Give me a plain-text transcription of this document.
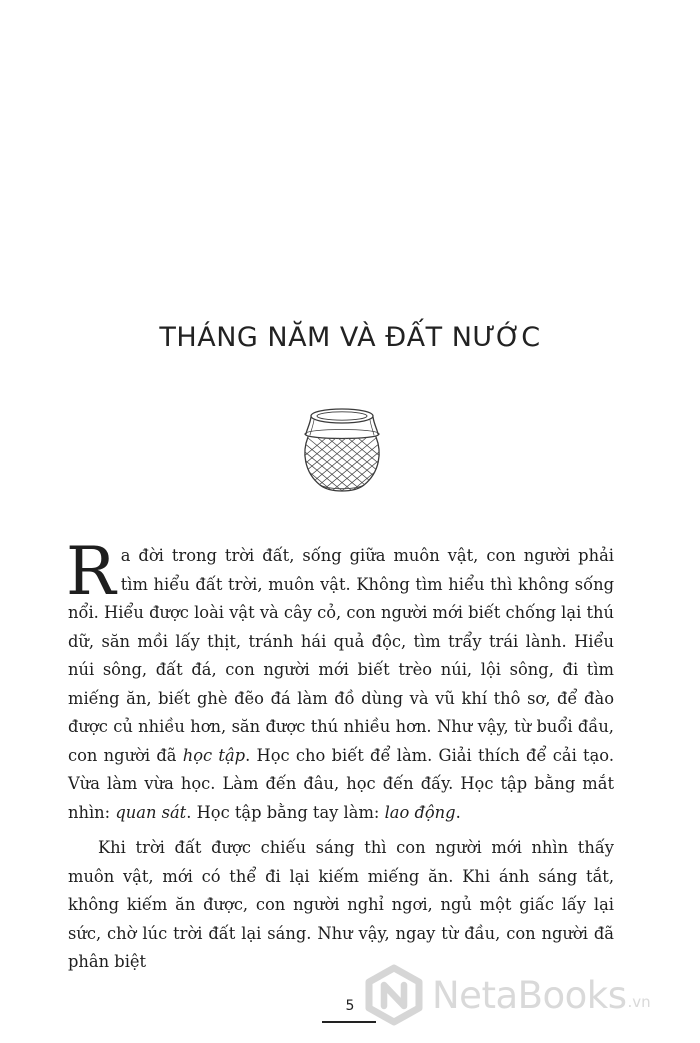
THÁNG NĂM VÀ ĐẤT NƯỚC

Ra đời trong trời đất, sống giữa muôn vật, con người phải tìm hiểu đất trời, muôn vật. Không tìm hiểu thì không sống nổi. Hiểu được loài vật và cây cỏ, con người mới biết chống lại thú dữ, săn mồi lấy thịt, tránh hái quả độc, tìm trẩy trái lành. Hiểu núi sông, đất đá, con người mới biết trèo núi, lội sông, đi tìm miếng ăn, biết ghè đẽo đá làm đồ dùng và vũ khí thô sơ, để đào được củ nhiều hơn, săn được thú nhiều hơn. Như vậy, từ buổi đầu, con người đã học tập. Học cho biết để làm. Giải thích để cải tạo. Vừa làm vừa học. Làm đến đâu, học đến đấy. Học tập bằng mắt nhìn: quan sát. Học tập bằng tay làm: lao động.

Khi trời đất được chiếu sáng thì con người mới nhìn thấy muôn vật, mới có thể đi lại kiếm miếng ăn. Khi ánh sáng tắt, không kiếm ăn được, con người nghỉ ngơi, ngủ một giấc lấy lại sức, chờ lúc trời đất lại sáng. Như vậy, ngay từ đầu, con người đã phân biệt

5	NetaBooks .vn
